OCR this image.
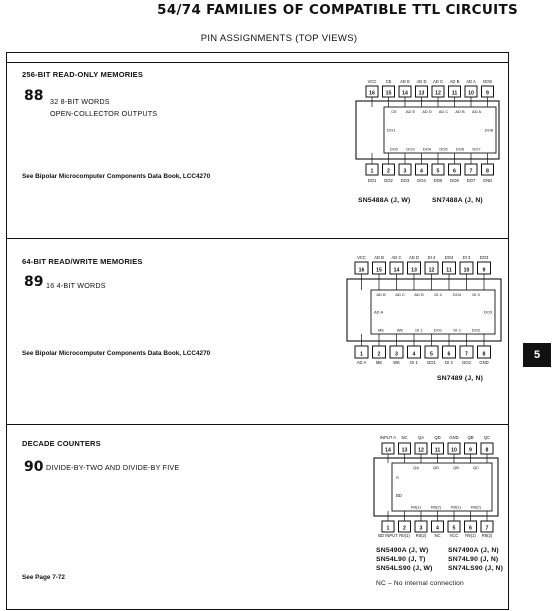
54/74 FAMILIES OF COMPATIBLE TTL CIRCUITS
PIN ASSIGNMENTS (TOP VIEWS)
5
256-BIT READ-ONLY MEMORIES
88 32 8-BIT WORDS
OPEN-COLLECTOR OUTPUTS
See Bipolar Microcomputer Components Data Book, LCC4270
VCC CE AD E AD D AD C AD B AD A DO8
16 15 14 13 12 11 10 9
1	2	3	4	5	6	7	8
DO1 DO2 DO3 DO4 DO5 DO6 DO7 GND
CE AD E AD D AD C AD B AD A
DO2 DO3 DO4 DO5 DO6 DO7
DO1	DO8
SN5488A (J, W)	SN7488A (J, N)
64-BIT READ/WRITE MEMORIES
89 16 4-BIT WORDS
See Bipolar Microcomputer Components Data Book, LCC4270
VCC AD B AD C AD D DI 4 DO4 DI 3 DO3
16 15 14 13 12 11 10	9
1	2	3	4	5	6	7	8
AD A ME	WE DI 1 DO1 DI 2 DO2 GND
AD B AD C AD D	DI 4	DO4	DI 3
ME	WE	DI 1	DO1	DI 2	DO2
AD A	DO3
SN7489 (J, N)
DECADE COUNTERS
90 DIVIDE-BY-TWO AND DIVIDE-BY FIVE
See Page 7-72
INPUT A NC QA QD GND QB QC
14 13 12 11 10 9	8
1	2	3	4	5	6	7
BD INPUT R0(1) R0(2) NC VCC R9(1) R9(2)
QA	QD	QB	QC
R0(1) R0(2) R9(1) R9(2)
A
BD
SN5490A (J, W)	SN7490A (J, N)
SN54L90 (J, T)	SN74L90 (J, N)
SN54LS90 (J, W) SN74LS90 (J, N)
NC – No internal connection
